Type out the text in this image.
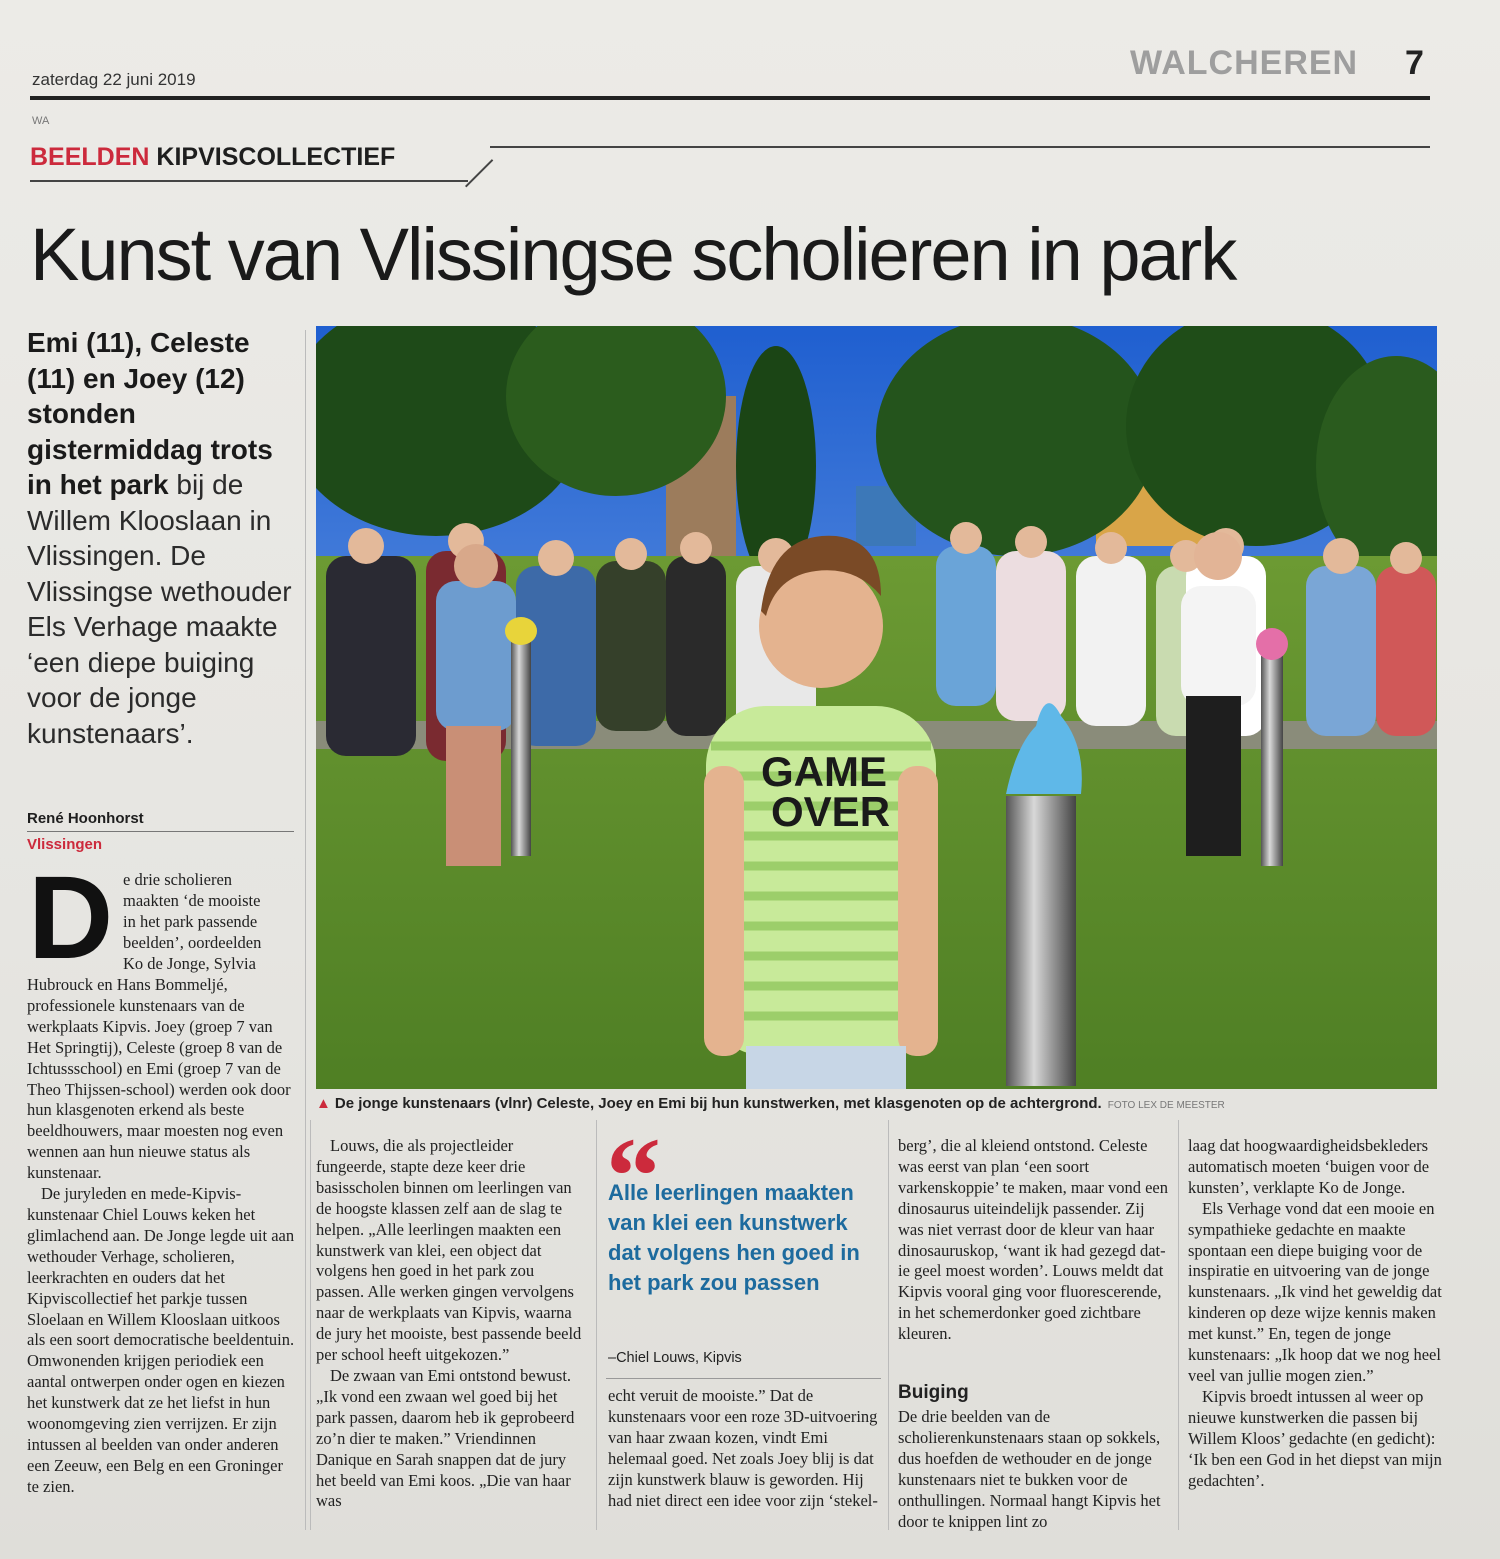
zaterdag 22 juni 2019	WALCHEREN 7
WA
BEELDEN KIPVISCOLLECTIEF
Kunst van Vlissingse scholieren in park
Emi (11), Celeste (11) en Joey (12) stonden gistermiddag trots in het park bij de Willem Klooslaan in Vlissingen. De Vlissingse wethouder Els Verhage maakte ‘een diepe buiging voor de jonge kunstenaars’.
René Hoonhorst
Vlissingen
GAME
OVER
▲ De jonge kunstenaars (vlnr) Celeste, Joey en Emi bij hun kunstwerken, met klasgenoten op de achtergrond. FOTO LEX DE MEESTER
D e drie scholieren
maakten ‘de mooiste
in het park passende
beelden’, oordeelden
Ko de Jonge, Sylvia

Hubrouck en Hans Bommeljé, professionele kunstenaars van de werkplaats Kipvis. Joey (groep 7 van Het Springtij), Celeste (groep 8 van de Ichtussschool) en Emi (groep 7 van de Theo Thijssen-school) werden ook door hun klasgenoten erkend als beste beeldhouwers, maar moesten nog even wennen aan hun nieuwe status als kunstenaar.

De juryleden en mede-Kipvis-kunstenaar Chiel Louws keken het glimlachend aan. De Jonge legde uit aan wethouder Verhage, scholieren, leerkrachten en ouders dat het Kipviscollectief het parkje tussen Sloelaan en Willem Klooslaan uitkoos als een soort democratische beeldentuin. Omwonenden krijgen periodiek een aantal ontwerpen onder ogen en kiezen het kunstwerk dat ze het liefst in hun woonomgeving zien verrijzen. Er zijn intussen al beelden van onder anderen een Zeeuw, een Belg en een Groninger te zien.

Louws, die als projectleider fungeerde, stapte deze keer drie basisscholen binnen om leerlingen van de hoogste klassen zelf aan de slag te helpen. „Alle leerlingen maakten een kunstwerk van klei, een object dat volgens hen goed in het park zou passen. Alle werken gingen vervolgens naar de werkplaats van Kipvis, waarna de jury het mooiste, best passende beeld per school heeft uitgekozen.”

De zwaan van Emi ontstond bewust. „Ik vond een zwaan wel goed bij het park passen, daarom heb ik geprobeerd zo’n dier te maken.” Vriendinnen Danique en Sarah snappen dat de jury het beeld van Emi koos. „Die van haar was

“
Alle leerlingen maakten van klei een kunstwerk dat volgens hen goed in het park zou passen
–Chiel Louws, Kipvis

echt veruit de mooiste.” Dat de kunstenaars voor een roze 3D-uitvoering van haar zwaan kozen, vindt Emi helemaal goed. Net zoals Joey blij is dat zijn kunstwerk blauw is geworden. Hij had niet direct een idee voor zijn ‘stekel-

berg’, die al kleiend ontstond. Celeste was eerst van plan ‘een soort varkenskoppie’ te maken, maar vond een dinosaurus uiteindelijk passender. Zij was niet verrast door de kleur van haar dinosauruskop, ‘want ik had gezegd dat-ie geel moest worden’. Louws meldt dat Kipvis vooral ging voor fluorescerende, in het schemerdonker goed zichtbare kleuren.

Buiging

De drie beelden van de scholierenkunstenaars staan op sokkels, dus hoefden de wethouder en de jonge kunstenaars niet te bukken voor de onthullingen. Normaal hangt Kipvis het door te knippen lint zo

laag dat hoogwaardigheidsbekleders automatisch moeten ‘buigen voor de kunsten’, verklapte Ko de Jonge.

Els Verhage vond dat een mooie en sympathieke gedachte en maakte spontaan een diepe buiging voor de inspiratie en uitvoering van de jonge kunstenaars. „Ik vind het geweldig dat kinderen op deze wijze kennis maken met kunst.” En, tegen de jonge kunstenaars: „Ik hoop dat we nog heel veel van jullie mogen zien.”

Kipvis broedt intussen al weer op nieuwe kunstwerken die passen bij Willem Kloos’ gedachte (en gedicht): ‘Ik ben een God in het diepst van mijn gedachten’.
